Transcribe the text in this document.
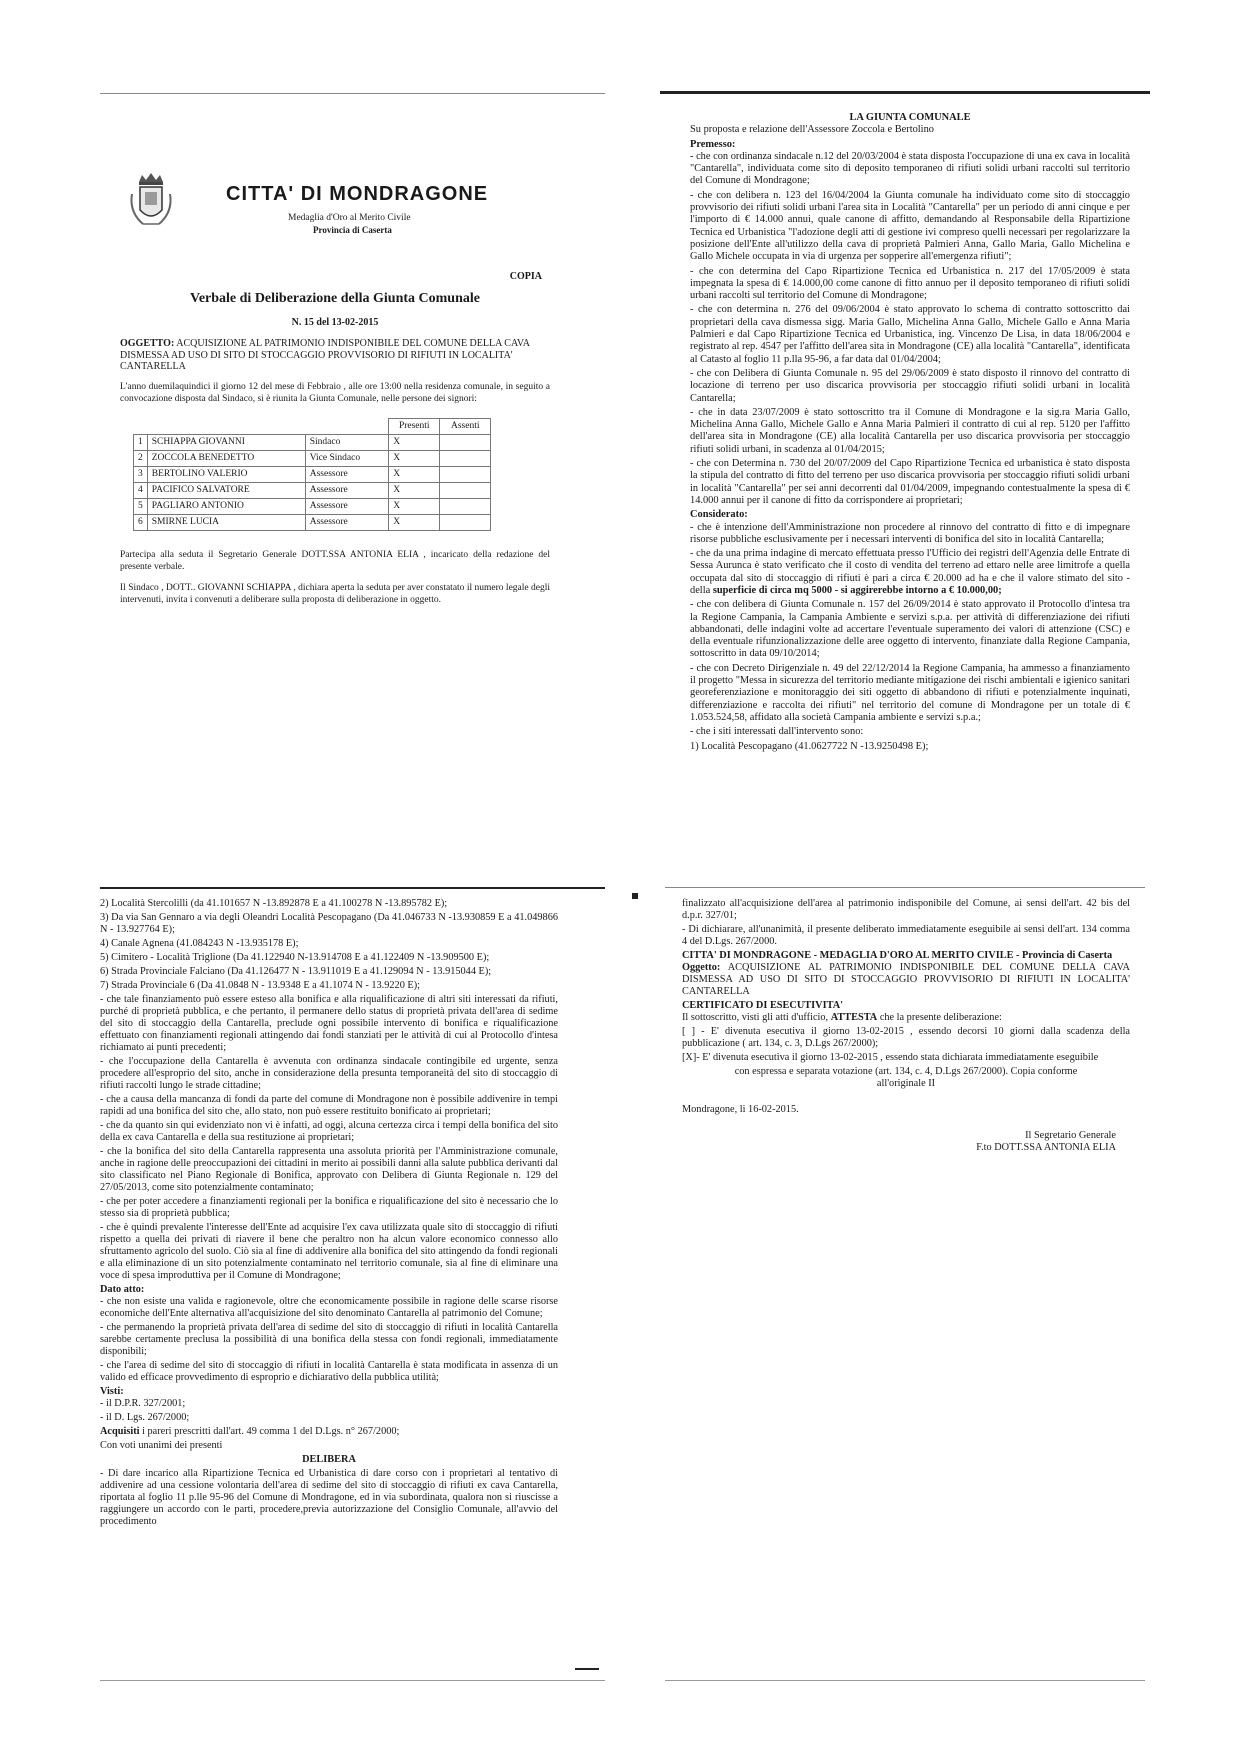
CITTA' DI MONDRAGONE
Medaglia d'Oro al Merito Civile
Provincia di Caserta
COPIA
Verbale di Deliberazione della Giunta Comunale
N. 15 del 13-02-2015
OGGETTO: ACQUISIZIONE AL PATRIMONIO INDISPONIBILE DEL COMUNE DELLA CAVA DISMESSA AD USO DI SITO DI STOCCAGGIO PROVVISORIO DI RIFIUTI IN LOCALITA' CANTARELLA
L'anno duemilaquindici il giorno 12 del mese di Febbraio , alle ore 13:00 nella residenza comunale, in seguito a convocazione disposta dal Sindaco, si è riunita la Giunta Comunale, nelle persone dei signori:
			Presenti	Assenti
1	SCHIAPPA GIOVANNI	Sindaco	X	
2	ZOCCOLA BENEDETTO	Vice Sindaco	X	
3	BERTOLINO VALERIO	Assessore	X	
4	PACIFICO SALVATORE	Assessore	X	
5	PAGLIARO ANTONIO	Assessore	X	
6	SMIRNE LUCIA	Assessore	X	
Partecipa alla seduta il Segretario Generale DOTT.SSA ANTONIA ELIA , incaricato della redazione del presente verbale.
Il Sindaco , DOTT.. GIOVANNI SCHIAPPA , dichiara aperta la seduta per aver constatato il numero legale degli intervenuti, invita i convenuti a deliberare sulla proposta di deliberazione in oggetto.
LA GIUNTA COMUNALE
Su proposta e relazione dell'Assessore Zoccola e Bertolino
Premesso:
- che con ordinanza sindacale n.12 del 20/03/2004 è stata disposta l'occupazione di una ex cava in località "Cantarella", individuata come sito di deposito temporaneo di rifiuti solidi urbani raccolti sul territorio del Comune di Mondragone;
- che con delibera n. 123 del 16/04/2004 la Giunta comunale ha individuato come sito di stoccaggio provvisorio dei rifiuti solidi urbani l'area sita in Località "Cantarella" per un periodo di anni cinque e per l'importo di € 14.000 annui, quale canone di affitto, demandando al Responsabile della Ripartizione Tecnica ed Urbanistica "l'adozione degli atti di gestione ivi compreso quelli necessari per regolarizzare la posizione dell'Ente all'utilizzo della cava di proprietà Palmieri Anna, Gallo Maria, Gallo Michelina e Gallo Michele occupata in via di urgenza per sopperire all'emergenza rifiuti";
- che con determina del Capo Ripartizione Tecnica ed Urbanistica n. 217 del 17/05/2009 è stata impegnata la spesa di € 14.000,00 come canone di fitto annuo per il deposito temporaneo di rifiuti solidi urbani raccolti sul territorio del Comune di Mondragone;
- che con determina n. 276 del 09/06/2004 è stato approvato lo schema di contratto sottoscritto dai proprietari della cava dismessa sigg. Maria Gallo, Michelina Anna Gallo, Michele Gallo e Anna Maria Palmieri e dal Capo Ripartizione Tecnica ed Urbanistica, ing. Vincenzo De Lisa, in data 18/06/2004 e registrato al rep. 4547 per l'affitto dell'area sita in Mondragone (CE) alla località "Cantarella", identificata al Catasto al foglio 11 p.lla 95-96, a far data dal 01/04/2004;
- che con Delibera di Giunta Comunale n. 95 del 29/06/2009 è stato disposto il rinnovo del contratto di locazione di terreno per uso discarica provvisoria per stoccaggio rifiuti solidi urbani in località Cantarella;
- che in data 23/07/2009 è stato sottoscritto tra il Comune di Mondragone e la sig.ra Maria Gallo, Michelina Anna Gallo, Michele Gallo e Anna Maria Palmieri il contratto di cui al rep. 5120 per l'affitto dell'area sita in Mondragone (CE) alla località Cantarella per uso discarica provvisoria per stoccaggio rifiuti solidi urbani, in scadenza al 01/04/2015;
- che con Determina n. 730 del 20/07/2009 del Capo Ripartizione Tecnica ed urbanistica è stato disposta la stipula del contratto di fitto del terreno per uso discarica provvisoria per stoccaggio rifiuti solidi urbani in località "Cantarella" per sei anni decorrenti dal 01/04/2009, impegnando contestualmente la spesa di € 14.000 annui per il canone di fitto da corrispondere ai proprietari;
Considerato:
- che è intenzione dell'Amministrazione non procedere al rinnovo del contratto di fitto e di impegnare risorse pubbliche esclusivamente per i necessari interventi di bonifica del sito in località Cantarella;
- che da una prima indagine di mercato effettuata presso l'Ufficio dei registri dell'Agenzia delle Entrate di Sessa Aurunca è stato verificato che il costo di vendita del terreno ad ettaro nelle aree limitrofe a quella occupata dal sito di stoccaggio di rifiuti è pari a circa € 20.000 ad ha e che il valore stimato del sito - della superficie di circa mq 5000 - si aggirerebbe intorno a € 10.000,00;
- che con delibera di Giunta Comunale n. 157 del 26/09/2014 è stato approvato il Protocollo d'intesa tra la Regione Campania, la Campania Ambiente e servizi s.p.a. per attività di differenziazione dei rifiuti abbandonati, delle indagini volte ad accertare l'eventuale superamento dei valori di attenzione (CSC) e della eventuale rifunzionalizzazione delle aree oggetto di intervento, finanziate dalla Regione Campania, sottoscritto in data 09/10/2014;
- che con Decreto Dirigenziale n. 49 del 22/12/2014 la Regione Campania, ha ammesso a finanziamento il progetto "Messa in sicurezza del territorio mediante mitigazione dei rischi ambientali e igienico sanitari georeferenziazione e monitoraggio dei siti oggetto di abbandono di rifiuti e potenzialmente inquinati, differenziazione e raccolta dei rifiuti" nel territorio del comune di Mondragone per un totale di € 1.053.524,58, affidato alla società Campania ambiente e servizi s.p.a.;
- che i siti interessati dall'intervento sono:
1) Località Pescopagano (41.0627722 N -13.9250498 E);
2) Località Stercolilli (da 41.101657 N -13.892878 E a 41.100278 N -13.895782 E);
3) Da via San Gennaro a via degli Oleandri Località Pescopagano (Da 41.046733 N -13.930859 E a 41.049866 N - 13.927764 E);
4) Canale Agnena (41.084243 N -13.935178 E);
5) Cimitero - Località Triglione (Da 41.122940 N-13.914708 E a 41.122409 N -13.909500 E);
6) Strada Provinciale Falciano (Da 41.126477 N - 13.911019 E a 41.129094 N - 13.915044 E);
7) Strada Provinciale 6 (Da 41.0848 N - 13.9348 E a 41.1074 N - 13.9220 E);
- che tale finanziamento può essere esteso alla bonifica e alla riqualificazione di altri siti interessati da rifiuti, purché di proprietà pubblica, e che pertanto, il permanere dello status di proprietà privata dell'area di sedime del sito di stoccaggio della Cantarella, preclude ogni possibile intervento di bonifica e riqualificazione effettuato con finanziamenti regionali attingendo dai fondi stanziati per le attività di cui al Protocollo d'intesa richiamato ai punti precedenti;
- che l'occupazione della Cantarella è avvenuta con ordinanza sindacale contingibile ed urgente, senza procedere all'esproprio del sito, anche in considerazione della presunta temporaneità del sito di stoccaggio di rifiuti raccolti lungo le strade cittadine;
- che a causa della mancanza di fondi da parte del comune di Mondragone non è possibile addivenire in tempi rapidi ad una bonifica del sito che, allo stato, non può essere restituito bonificato ai proprietari;
- che da quanto sin qui evidenziato non vi è infatti, ad oggi, alcuna certezza circa i tempi della bonifica del sito della ex cava Cantarella e della sua restituzione ai proprietari;
- che la bonifica del sito della Cantarella rappresenta una assoluta priorità per l'Amministrazione comunale, anche in ragione delle preoccupazioni dei cittadini in merito ai possibili danni alla salute pubblica derivanti dal sito classificato nel Piano Regionale di Bonifica, approvato con Delibera di Giunta Regionale n. 129 del 27/05/2013, come sito potenzialmente contaminato;
- che per poter accedere a finanziamenti regionali per la bonifica e riqualificazione del sito è necessario che lo stesso sia di proprietà pubblica;
- che è quindi prevalente l'interesse dell'Ente ad acquisire l'ex cava utilizzata quale sito di stoccaggio di rifiuti rispetto a quella dei privati di riavere il bene che peraltro non ha alcun valore economico connesso allo sfruttamento agricolo del suolo. Ciò sia al fine di addivenire alla bonifica del sito attingendo da fondi regionali e alla eliminazione di un sito potenzialmente contaminato nel territorio comunale, sia al fine di eliminare una voce di spesa improduttiva per il Comune di Mondragone;
Dato atto:
- che non esiste una valida e ragionevole, oltre che economicamente possibile in ragione delle scarse risorse economiche dell'Ente alternativa all'acquisizione del sito denominato Cantarella al patrimonio del Comune;
- che permanendo la proprietà privata dell'area di sedime del sito di stoccaggio di rifiuti in località Cantarella sarebbe certamente preclusa la possibilità di una bonifica della stessa con fondi regionali, immediatamente disponibili;
- che l'area di sedime del sito di stoccaggio di rifiuti in località Cantarella è stata modificata in assenza di un valido ed efficace provvedimento di esproprio e dichiarativo della pubblica utilità;
Visti:
- il D.P.R. 327/2001;
- il D. Lgs. 267/2000;
Acquisiti i pareri prescritti dall'art. 49 comma 1 del D.Lgs. n° 267/2000;
Con voti unanimi dei presenti
DELIBERA
- Di dare incarico alla Ripartizione Tecnica ed Urbanistica di dare corso con i proprietari al tentativo di addivenire ad una cessione volontaria dell'area di sedime del sito di stoccaggio di rifiuti ex cava Cantarella, riportata al foglio 11 p.lle 95-96 del Comune di Mondragone, ed in via subordinata, qualora non si riuscisse a raggiungere un accordo con le parti, procedere,previa autorizzazione del Consiglio Comunale, all'avvio del procedimento
finalizzato all'acquisizione dell'area al patrimonio indisponibile del Comune, ai sensi dell'art. 42 bis del d.p.r. 327/01;
- Di dichiarare, all'unanimità, il presente deliberato immediatamente eseguibile ai sensi dell'art. 134 comma 4 del D.Lgs. 267/2000.
CITTA' DI MONDRAGONE - MEDAGLIA D'ORO AL MERITO CIVILE - Provincia di Caserta
Oggetto: ACQUISIZIONE AL PATRIMONIO INDISPONIBILE DEL COMUNE DELLA CAVA DISMESSA AD USO DI SITO DI STOCCAGGIO PROVVISORIO DI RIFIUTI IN LOCALITA' CANTARELLA
CERTIFICATO DI ESECUTIVITA'
Il sottoscritto, visti gli atti d'ufficio, ATTESTA che la presente deliberazione:
[ ] - E' divenuta esecutiva il giorno 13-02-2015 , essendo decorsi 10 giorni dalla scadenza della pubblicazione ( art. 134, c. 3, D.Lgs 267/2000);
[X]- E' divenuta esecutiva il giorno 13-02-2015 , essendo stata dichiarata immediatamente eseguibile
con espressa e separata votazione (art. 134, c. 4, D.Lgs 267/2000). Copia conforme all'originale II
Mondragone, li 16-02-2015.
Il Segretario Generale
F.to DOTT.SSA ANTONIA ELIA
